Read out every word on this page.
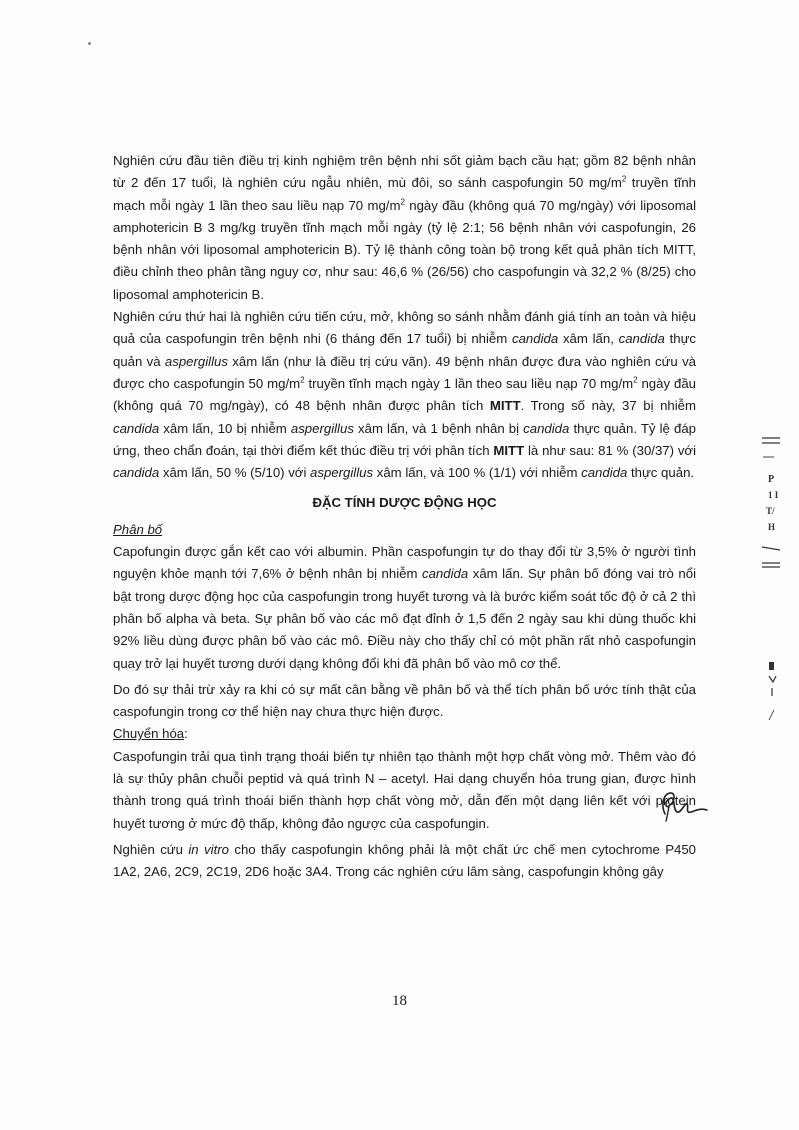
Nghiên cứu đầu tiên điều trị kinh nghiệm trên bệnh nhi sốt giảm bạch cầu hạt; gồm 82 bệnh nhân từ 2 đến 17 tuổi, là nghiên cứu ngẫu nhiên, mù đôi, so sánh caspofungin 50 $mg/m^2$ truyền tĩnh mạch mỗi ngày 1 lần theo sau liều nạp 70 $mg/m^2$ ngày đầu (không quá 70 mg/ngày) với liposomal amphotericin B 3 mg/kg truyền tĩnh mạch mỗi ngày (tỷ lệ 2:1; 56 bệnh nhân với caspofungin, 26 bệnh nhân với liposomal amphotericin B). Tỷ lệ thành công toàn bộ trong kết quả phân tích MITT, điều chỉnh theo phân tầng nguy cơ, như sau: 46,6 % (26/56) cho caspofungin và 32,2 % (8/25) cho liposomal amphotericin B.

Nghiên cứu thứ hai là nghiên cứu tiến cứu, mở, không so sánh nhằm đánh giá tính an toàn và hiệu quả của caspofungin trên bệnh nhi (6 tháng đến 17 tuổi) bị nhiễm candida xâm lấn, candida thực quản và aspergillus xâm lấn (như là điều trị cứu vãn). 49 bệnh nhân được đưa vào nghiên cứu và được cho caspofungin 50 $mg/m^2$ truyền tĩnh mạch ngày 1 lần theo sau liều nạp 70 $mg/m^2$ ngày đầu (không quá 70 mg/ngày), có 48 bệnh nhân được phân tích MITT. Trong số này, 37 bị nhiễm candida xâm lấn, 10 bị nhiễm aspergillus xâm lấn, và 1 bệnh nhân bị candida thực quản. Tỷ lệ đáp ứng, theo chẩn đoán, tại thời điểm kết thúc điều trị với phân tích MITT là như sau: 81 % (30/37) với candida xâm lấn, 50 % (5/10) với aspergillus xâm lấn, và 100 % (1/1) với nhiễm candida thực quản.

ĐẶC TÍNH DƯỢC ĐỘNG HỌC

Phân bố

Capofungin được gắn kết cao với albumin. Phần caspofungin tự do thay đổi từ 3,5% ở người tình nguyện khỏe mạnh tới 7,6% ở bệnh nhân bị nhiễm candida xâm lấn. Sự phân bố đóng vai trò nổi bật trong dược động học của caspofungin trong huyết tương và là bước kiểm soát tốc độ ở cả 2 thì phân bố alpha và beta. Sự phân bố vào các mô đạt đỉnh ở 1,5 đến 2 ngày sau khi dùng thuốc khi 92% liều dùng được phân bố vào các mô. Điều này cho thấy chỉ có một phần rất nhỏ caspofungin quay trở lại huyết tương dưới dạng không đổi khi đã phân bố vào mô cơ thể.

Do đó sự thải trừ xảy ra khi có sự mất cân bằng về phân bố và thể tích phân bố ước tính thật của caspofungin trong cơ thể hiện nay chưa thực hiện được.

Chuyển hóa:

Caspofungin trải qua tình trạng thoái biến tự nhiên tạo thành một hợp chất vòng mở. Thêm vào đó là sự thủy phân chuỗi peptid và quá trình N – acetyl. Hai dạng chuyển hóa trung gian, được hình thành trong quá trình thoái biến thành hợp chất vòng mở, dẫn đến một dạng liên kết với protein huyết tương ở mức độ thấp, không đảo ngược của caspofungin.

Nghiên cứu in vitro cho thấy caspofungin không phải là một chất ức chế men cytochrome P450 1A2, 2A6, 2C9, 2C19, 2D6 hoặc 3A4. Trong các nghiên cứu lâm sàng, caspofungin không gây

P
1 I
T/
H
18
